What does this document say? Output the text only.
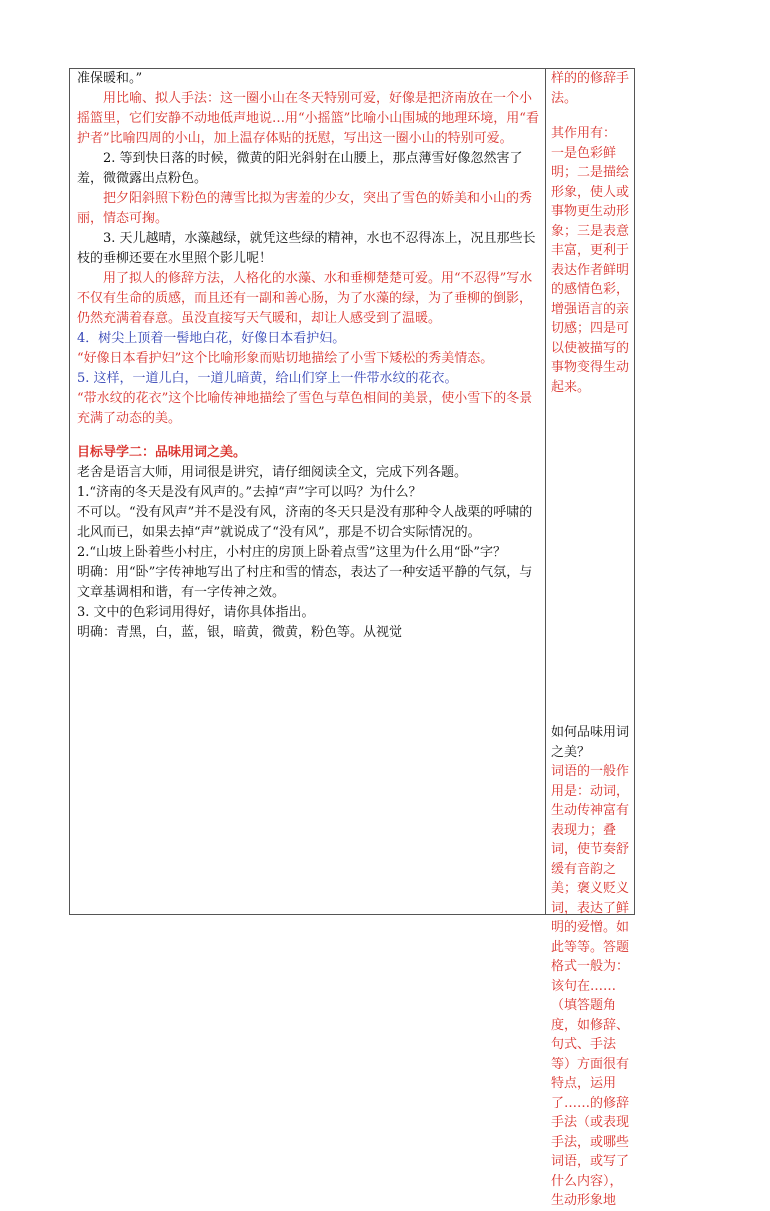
准保暖和。”

用比喻、拟人手法：这一圈小山在冬天特别可爱，好像是把济南放在一个小摇篮里，它们安静不动地低声地说…用“小摇篮”比喻小山围城的地理环境，用“看护者”比喻四周的小山，加上温存体贴的抚慰，写出这一圈小山的特别可爱。

2. 等到快日落的时候，微黄的阳光斜射在山腰上，那点薄雪好像忽然害了羞，微微露出点粉色。

把夕阳斜照下粉色的薄雪比拟为害羞的少女，突出了雪色的娇美和小山的秀丽，情态可掬。

3. 天儿越晴，水藻越绿，就凭这些绿的精神，水也不忍得冻上，况且那些长枝的垂柳还要在水里照个影儿呢！

用了拟人的修辞方法，人格化的水藻、水和垂柳楚楚可爱。用“不忍得”写水不仅有生命的质感，而且还有一副和善心肠，为了水藻的绿，为了垂柳的倒影，仍然充满着春意。虽没直接写天气暖和，却让人感受到了温暖。

4．树尖上顶着一髻地白花，好像日本看护妇。

“好像日本看护妇”这个比喻形象而贴切地描绘了小雪下矮松的秀美情态。

5. 这样，一道儿白，一道儿暗黄，给山们穿上一件带水纹的花衣。

“带水纹的花衣”这个比喻传神地描绘了雪色与草色相间的美景，使小雪下的冬景充满了动态的美。

目标导学二：品味用词之美。

老舍是语言大师，用词很是讲究，请仔细阅读全文，完成下列各题。

1.“济南的冬天是没有风声的。”去掉“声”字可以吗？为什么？

不可以。“没有风声”并不是没有风，济南的冬天只是没有那种令人战栗的呼啸的北风而已，如果去掉“声”就说成了“没有风”，那是不切合实际情况的。

2.“山坡上卧着些小村庄，小村庄的房顶上卧着点雪”这里为什么用“卧”字？

明确：用“卧”字传神地写出了村庄和雪的情态，表达了一种安适平静的气氛，与文章基调相和谐，有一字传神之效。

3. 文中的色彩词用得好，请你具体指出。

明确：青黑，白，蓝，银，暗黄，微黄，粉色等。从视觉

样的的修辞手法。

其作用有：

一是色彩鲜明；二是描绘形象，使人或事物更生动形象；三是表意丰富，更利于表达作者鲜明的感情色彩，增强语言的亲切感；四是可以使被描写的事物变得生动起来。

如何品味用词之美？

词语的一般作用是：动词，生动传神富有表现力；叠词，使节奏舒缓有音韵之美；褒义贬义词，表达了鲜明的爱憎。如此等等。答题格式一般为：该句在……（填答题角度，如修辞、句式、手法等）方面很有特点，运用了……的修辞手法（或表现手法，或哪些词语，或写了什么内容），生动形象地
